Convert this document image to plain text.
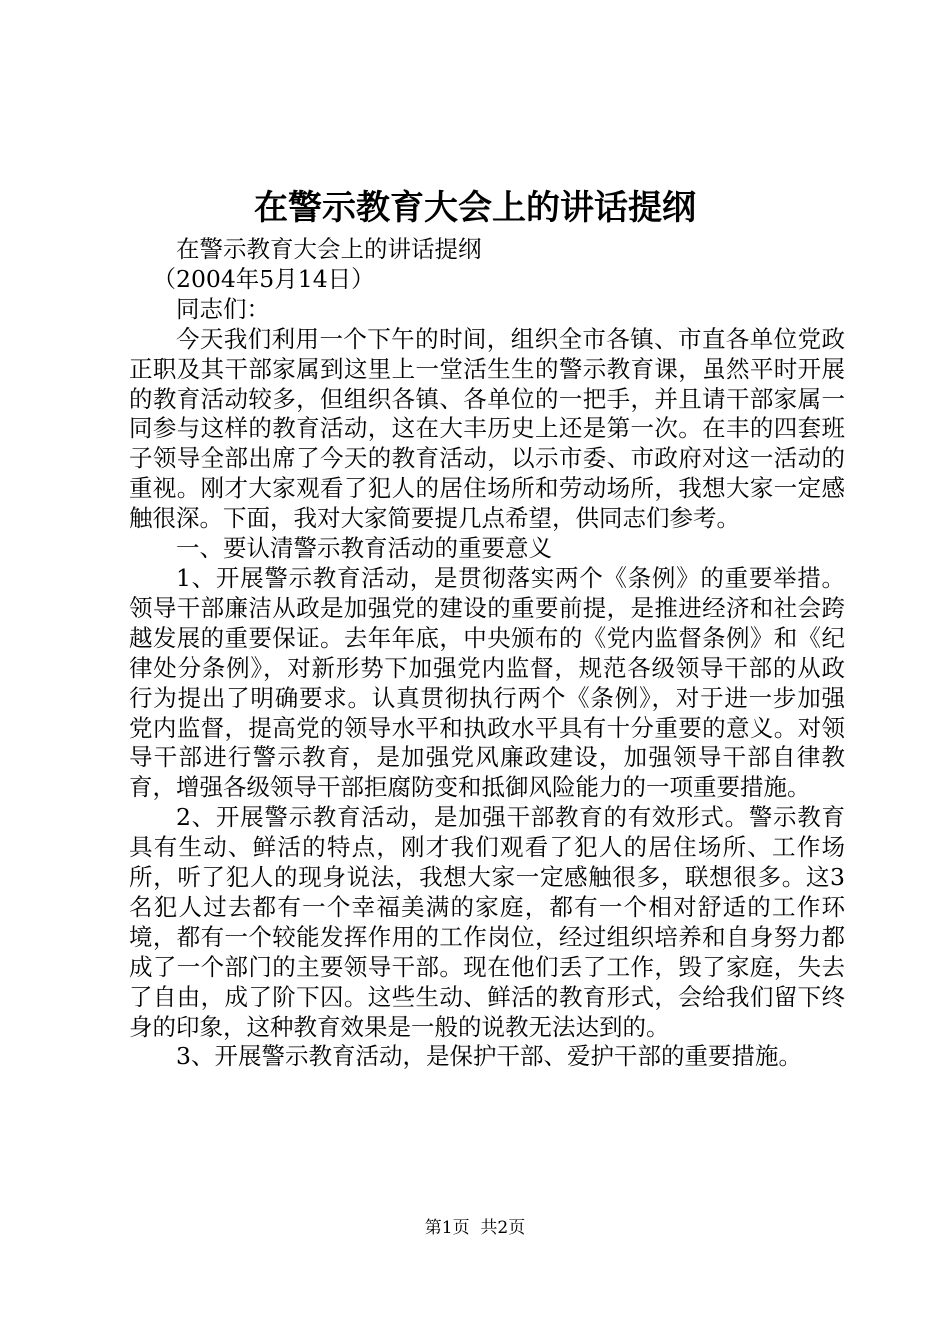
在警示教育大会上的讲话提纲

在警示教育大会上的讲话提纲

（2004年5月14日）

同志们：

今天我们利用一个下午的时间，组织全市各镇、市直各单位党政正职及其干部家属到这里上一堂活生生的警示教育课，虽然平时开展的教育活动较多，但组织各镇、各单位的一把手，并且请干部家属一同参与这样的教育活动，这在大丰历史上还是第一次。在丰的四套班子领导全部出席了今天的教育活动，以示市委、市政府对这一活动的重视。刚才大家观看了犯人的居住场所和劳动场所，我想大家一定感触很深。下面，我对大家简要提几点希望，供同志们参考。

一、要认清警示教育活动的重要意义

1、开展警示教育活动，是贯彻落实两个《条例》的重要举措。领导干部廉洁从政是加强党的建设的重要前提，是推进经济和社会跨越发展的重要保证。去年年底，中央颁布的《党内监督条例》和《纪律处分条例》，对新形势下加强党内监督，规范各级领导干部的从政行为提出了明确要求。认真贯彻执行两个《条例》，对于进一步加强党内监督，提高党的领导水平和执政水平具有十分重要的意义。对领导干部进行警示教育，是加强党风廉政建设，加强领导干部自律教育，增强各级领导干部拒腐防变和抵御风险能力的一项重要措施。

2、开展警示教育活动，是加强干部教育的有效形式。警示教育具有生动、鲜活的特点，刚才我们观看了犯人的居住场所、工作场所，听了犯人的现身说法，我想大家一定感触很多，联想很多。这3名犯人过去都有一个幸福美满的家庭，都有一个相对舒适的工作环境，都有一个较能发挥作用的工作岗位，经过组织培养和自身努力都成了一个部门的主要领导干部。现在他们丢了工作，毁了家庭，失去了自由，成了阶下囚。这些生动、鲜活的教育形式，会给我们留下终身的印象，这种教育效果是一般的说教无法达到的。

3、开展警示教育活动，是保护干部、爱护干部的重要措施。

第1页 共2页
